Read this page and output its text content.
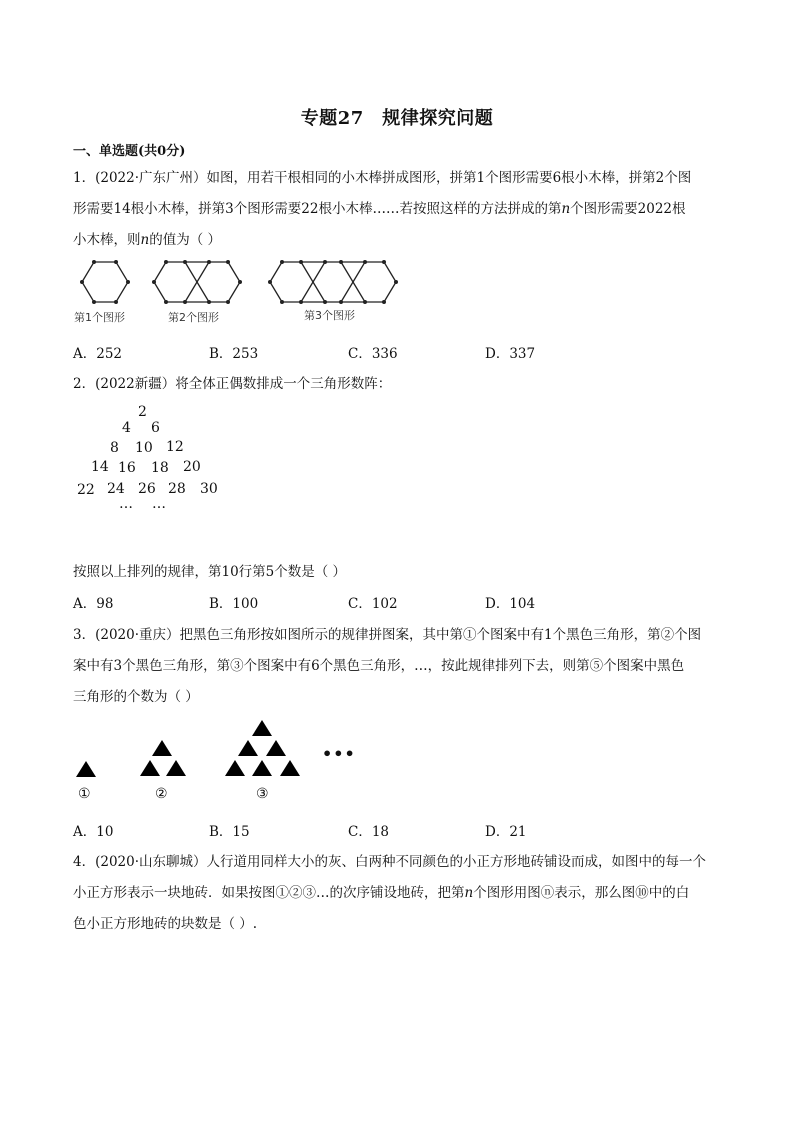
专题27　规律探究问题
一、单选题(共0分)
1．(2022·广东广州）如图，用若干根相同的小木棒拼成图形，拼第1个图形需要6根小木棒，拼第2个图
形需要14根小木棒，拼第3个图形需要22根小木棒……若按照这样的方法拼成的第n个图形需要2022根
小木棒，则n的值为（ ）
第1个图形	第2个图形	第3个图形
A．252	B．253	C．336	D．337
2．(2022新疆）将全体正偶数排成一个三角形数阵：
2
4 6
8 10 12
14 16 18 20
22 24 26 28 30
… …
按照以上排列的规律，第10行第5个数是（ ）
A．98	B．100	C．102	D．104
3．(2020·重庆）把黑色三角形按如图所示的规律拼图案，其中第①个图案中有1个黑色三角形，第②个图
案中有3个黑色三角形，第③个图案中有6个黑色三角形，…，按此规律排列下去，则第⑤个图案中黑色
三角形的个数为（ ）
•••
①	②	③
A．10	B．15	C．18	D．21
4．(2020·山东聊城）人行道用同样大小的灰、白两种不同颜色的小正方形地砖铺设而成，如图中的每一个
小正方形表示一块地砖．如果按图①②③…的次序铺设地砖，把第n个图形用图ⓝ表示，那么图⑩中的白
色小正方形地砖的块数是（ ）.
